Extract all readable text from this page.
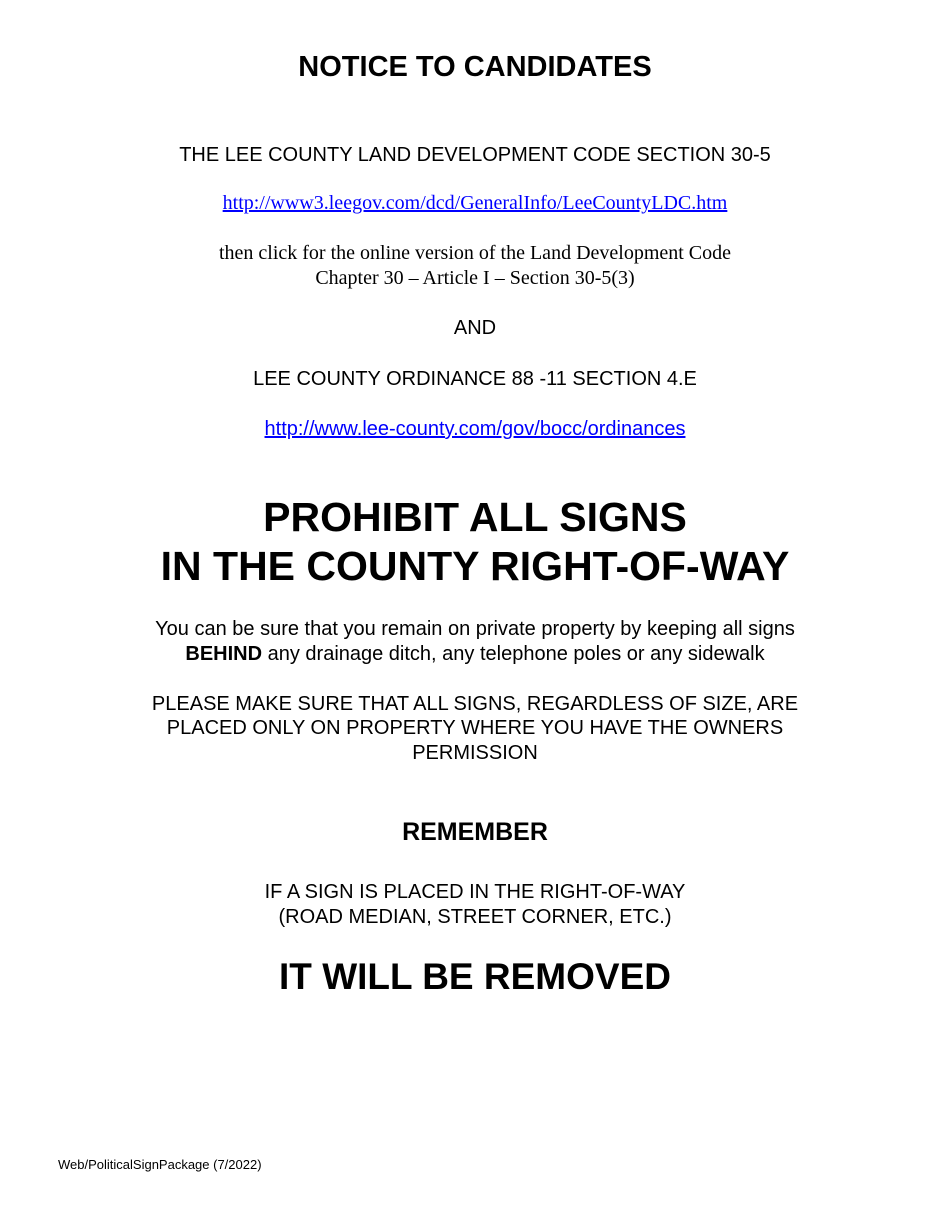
NOTICE TO CANDIDATES

THE LEE COUNTY LAND DEVELOPMENT CODE SECTION 30-5

http://www3.leegov.com/dcd/GeneralInfo/LeeCountyLDC.htm

then click for the online version of the Land Development Code

Chapter 30 – Article I – Section 30-5(3)

AND

LEE COUNTY ORDINANCE 88 -11 SECTION 4.E

http://www.lee-county.com/gov/bocc/ordinances

PROHIBIT ALL SIGNS

IN THE COUNTY RIGHT-OF-WAY

You can be sure that you remain on private property by keeping all signs

BEHIND any drainage ditch, any telephone poles or any sidewalk

PLEASE MAKE SURE THAT ALL SIGNS, REGARDLESS OF SIZE, ARE

PLACED ONLY ON PROPERTY WHERE YOU HAVE THE OWNERS

PERMISSION

REMEMBER

IF A SIGN IS PLACED IN THE RIGHT-OF-WAY

(ROAD MEDIAN, STREET CORNER, ETC.)

IT WILL BE REMOVED

Web/PoliticalSignPackage (7/2022)
